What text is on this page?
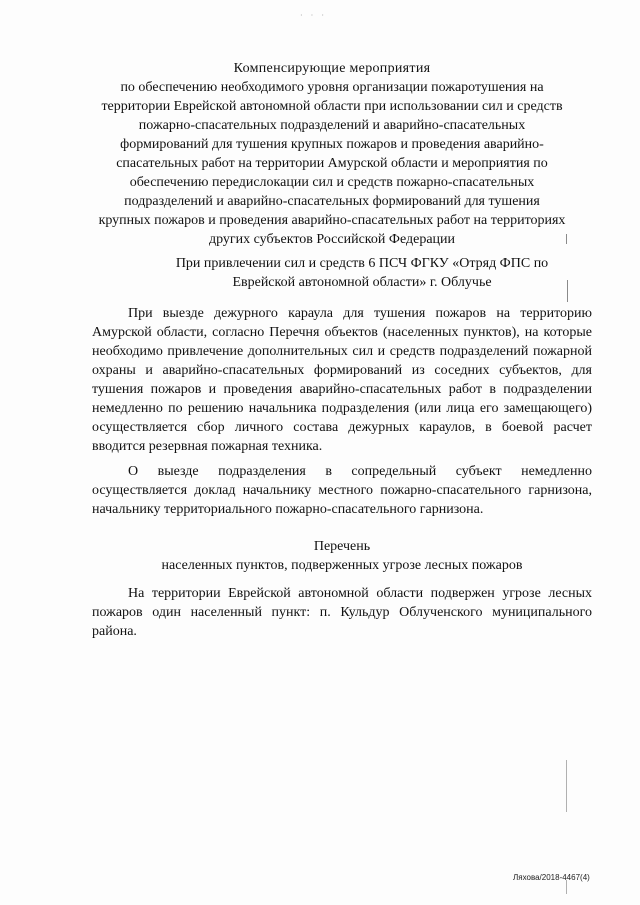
· · ·
Компенсирующие мероприятия
по обеспечению необходимого уровня организации пожаротушения на
территории Еврейской автономной области при использовании сил и средств
пожарно-спасательных подразделений и аварийно-спасательных
формирований для тушения крупных пожаров и проведения аварийно-
спасательных работ на территории Амурской области и мероприятия по
обеспечению передислокации сил и средств пожарно-спасательных
подразделений и аварийно-спасательных формирований для тушения
крупных пожаров и проведения аварийно-спасательных работ на территориях
других субъектов Российской Федерации
При привлечении сил и средств 6 ПСЧ ФГКУ «Отряд ФПС по
Еврейской автономной области» г. Облучье
При выезде дежурного караула для тушения пожаров на территорию Амурской области, согласно Перечня объектов (населенных пунктов), на которые необходимо привлечение дополнительных сил и средств подразделений пожарной охраны и аварийно-спасательных формирований из соседних субъектов, для тушения пожаров и проведения аварийно-спасательных работ в подразделении немедленно по решению начальника подразделения (или лица его замещающего) осуществляется сбор личного состава дежурных караулов, в боевой расчет вводится резервная пожарная техника.
О выезде подразделения в сопредельный субъект немедленно осуществляется доклад начальнику местного пожарно-спасательного гарнизона, начальнику территориального пожарно-спасательного гарнизона.
Перечень
населенных пунктов, подверженных угрозе лесных пожаров
На территории Еврейской автономной области подвержен угрозе лесных пожаров один населенный пункт: п. Кульдур Облученского муниципального района.
Ляхова/2018-4467(4)
